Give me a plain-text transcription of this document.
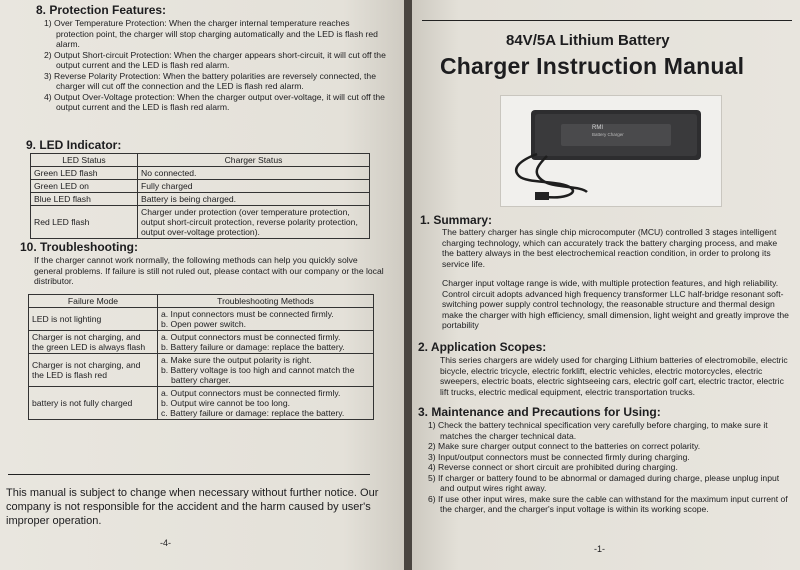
8. Protection Features:

1) Over Temperature Protection: When the charger internal temperature reaches protection point, the charger will stop charging automatically and the LED is flash red alarm.

2) Output Short-circuit Protection: When the charger appears short-circuit, it will cut off the output current and the LED is flash red alarm.

3) Reverse Polarity Protection: When the battery polarities are reversely connected, the charger will cut off the connection and the LED is flash red alarm.

4) Output Over-Voltage protection: When the charger output over-voltage, it will cut off the output current and the LED is flash red alarm.

9. LED Indicator:
LED Status	Charger Status
Green LED flash	No connected.
Green LED on	Fully charged
Blue LED flash	Battery is being charged.
Red LED flash	Charger under protection (over temperature protection,
output short-circuit protection, reverse polarity protection,
output over-voltage protection).
10. Troubleshooting:

If the charger cannot work normally, the following methods can help you quickly solve general problems. If failure is still not ruled out, please contact with our company or the local distributor.

Failure Mode	Troubleshooting Methods

LED is not lighting	a. Input connectors must be connected firmly.
b. Open power switch.

Charger is not charging, and
the green LED is always flash	a. Output connectors must be connected firmly.
b. Battery failure or damage: replace the battery.

Charger is not charging, and
the LED is flash red	a. Make sure the output polarity is right.
b. Battery voltage is too high and cannot match the
battery charger.

battery is not fully charged	a. Output connectors must be connected firmly.
b. Output wire cannot be too long.
c. Battery failure or damage: replace the battery.

This manual is subject to change when necessary without further notice. Our company is not responsible for the accident and the harm caused by user's improper operation.

-4-
84V/5A Lithium Battery
Charger Instruction Manual
RMI
Battery Charger
1. Summary:

The battery charger has single chip microcomputer (MCU) controlled 3 stages intelligent charging technology, which can accurately track the battery charging process, and make the battery always in the best electrochemical reaction condition, in order to prolong its service life.

Charger input voltage range is wide, with multiple protection features, and high reliability. Control circuit adopts advanced high frequency transformer LLC half-bridge resonant soft-switching power supply control technology, the reasonable structure and thermal design make the charger with high efficiency, small dimension, light weight and greatly improve the portability

2. Application Scopes:

This series chargers are widely used for charging Lithium batteries of electromobile, electric bicycle, electric tricycle, electric forklift, electric vehicles, electric motorcycles, electric sweepers, electric boats, electric sightseeing cars, electric golf cart, electric tractor, electric lift trucks, electric medical equipment, electric transportation trucks.

3. Maintenance and Precautions for Using:

1) Check the battery technical specification very carefully before charging, to make sure it matches the charger technical data.

2) Make sure charger output connect to the batteries on correct polarity.

3) Input/output connectors must be connected firmly during charging.

4) Reverse connect or short circuit are prohibited during charging.

5) If charger or battery found to be abnormal or damaged during charge, please unplug input and output wires right away.

6) If use other input wires, make sure the cable can withstand for the maximum input current of the charger, and the charger's input voltage is within its working scope.

-1-
